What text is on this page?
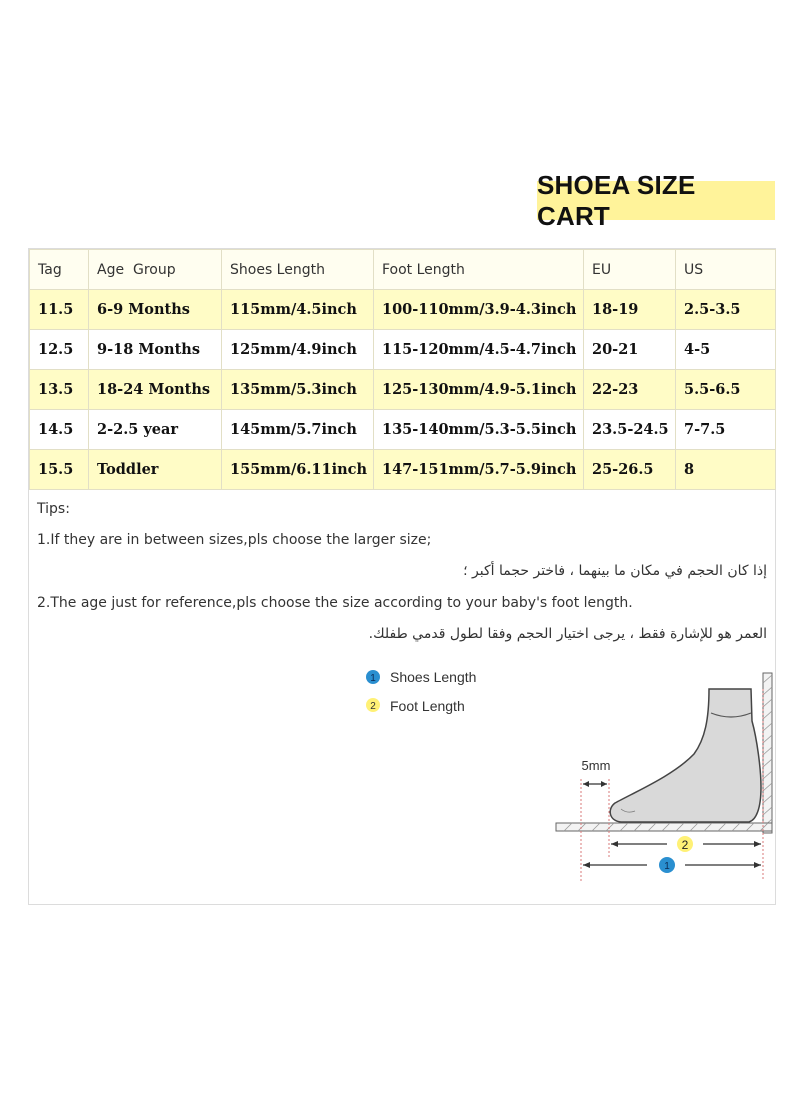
SHOEA SIZE CART
Tag	Age  Group	Shoes Length	Foot Length	EU	US
11.5	6-9 Months	115mm/4.5inch	100-110mm/3.9-4.3inch	18-19	2.5-3.5
12.5	9-18 Months	125mm/4.9inch	115-120mm/4.5-4.7inch	20-21	4-5
13.5	18-24 Months	135mm/5.3inch	125-130mm/4.9-5.1inch	22-23	5.5-6.5
14.5	2-2.5 year	145mm/5.7inch	135-140mm/5.3-5.5inch	23.5-24.5	7-7.5
15.5	Toddler	155mm/6.11inch	147-151mm/5.7-5.9inch	25-26.5	8
Tips:
1.If they are in between sizes,pls choose the larger size;
إذا كان الحجم في مكان ما بينهما ، فاختر حجما أكبر ؛
2.The age just for reference,pls choose the size according to your baby's foot length.
العمر هو للإشارة فقط ، يرجى اختيار الحجم وفقا لطول قدمي طفلك.
1 Shoes Length
2 Foot Length
5mm
2
1
